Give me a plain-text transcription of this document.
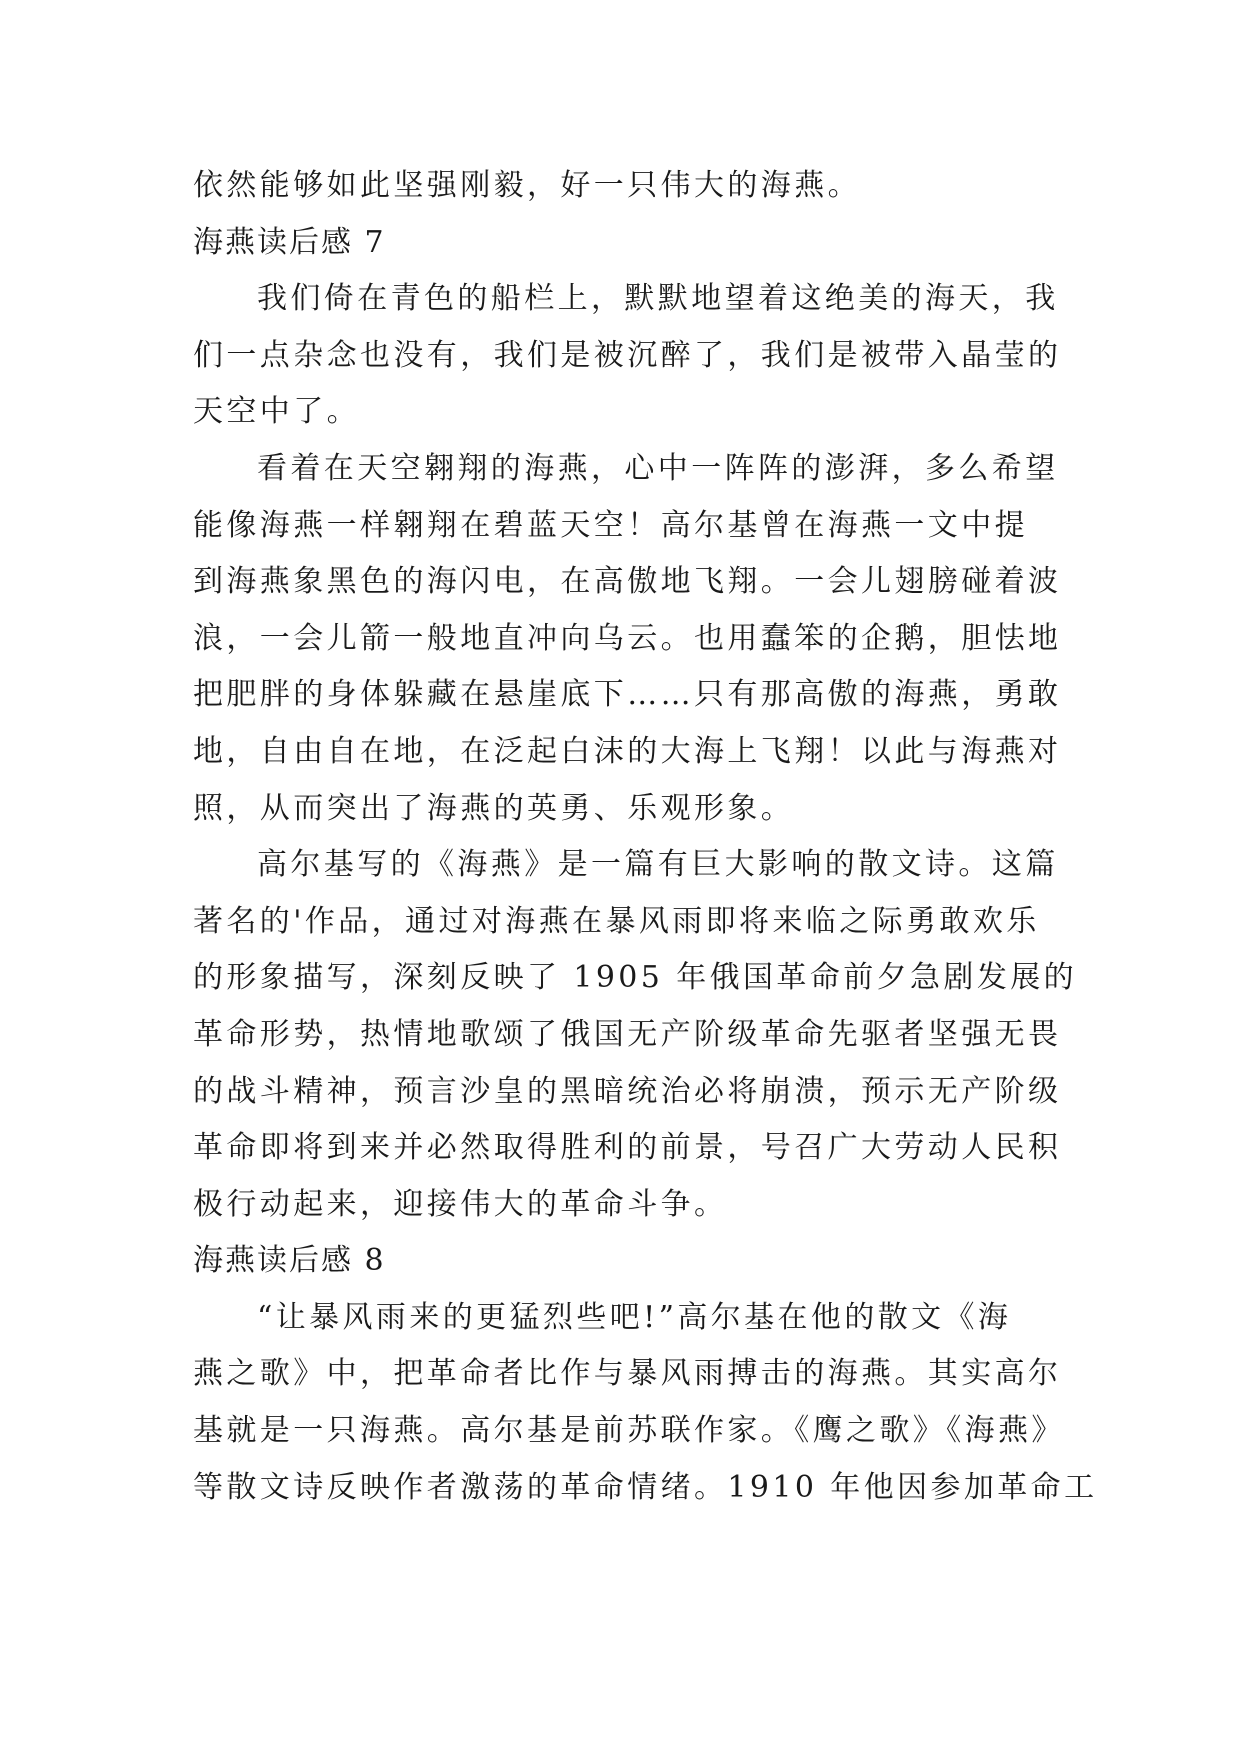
依然能够如此坚强刚毅，好一只伟大的海燕。

海燕读后感 7

我们倚在青色的船栏上，默默地望着这绝美的海天，我

们一点杂念也没有，我们是被沉醉了，我们是被带入晶莹的

天空中了。

看着在天空翱翔的海燕，心中一阵阵的澎湃，多么希望

能像海燕一样翱翔在碧蓝天空！高尔基曾在海燕一文中提

到海燕象黑色的海闪电，在高傲地飞翔。一会儿翅膀碰着波

浪，一会儿箭一般地直冲向乌云。也用蠢笨的企鹅，胆怯地

把肥胖的身体躲藏在悬崖底下……只有那高傲的海燕，勇敢

地，自由自在地，在泛起白沫的大海上飞翔！以此与海燕对

照，从而突出了海燕的英勇、乐观形象。

高尔基写的《海燕》是一篇有巨大影响的散文诗。这篇

著名的'作品，通过对海燕在暴风雨即将来临之际勇敢欢乐

的形象描写，深刻反映了 1905 年俄国革命前夕急剧发展的

革命形势，热情地歌颂了俄国无产阶级革命先驱者坚强无畏

的战斗精神，预言沙皇的黑暗统治必将崩溃，预示无产阶级

革命即将到来并必然取得胜利的前景，号召广大劳动人民积

极行动起来，迎接伟大的革命斗争。

海燕读后感 8

“让暴风雨来的更猛烈些吧!”高尔基在他的散文《海

燕之歌》中，把革命者比作与暴风雨搏击的海燕。其实高尔

基就是一只海燕。高尔基是前苏联作家。《鹰之歌》《海燕》

等散文诗反映作者激荡的革命情绪。1910 年他因参加革命工
